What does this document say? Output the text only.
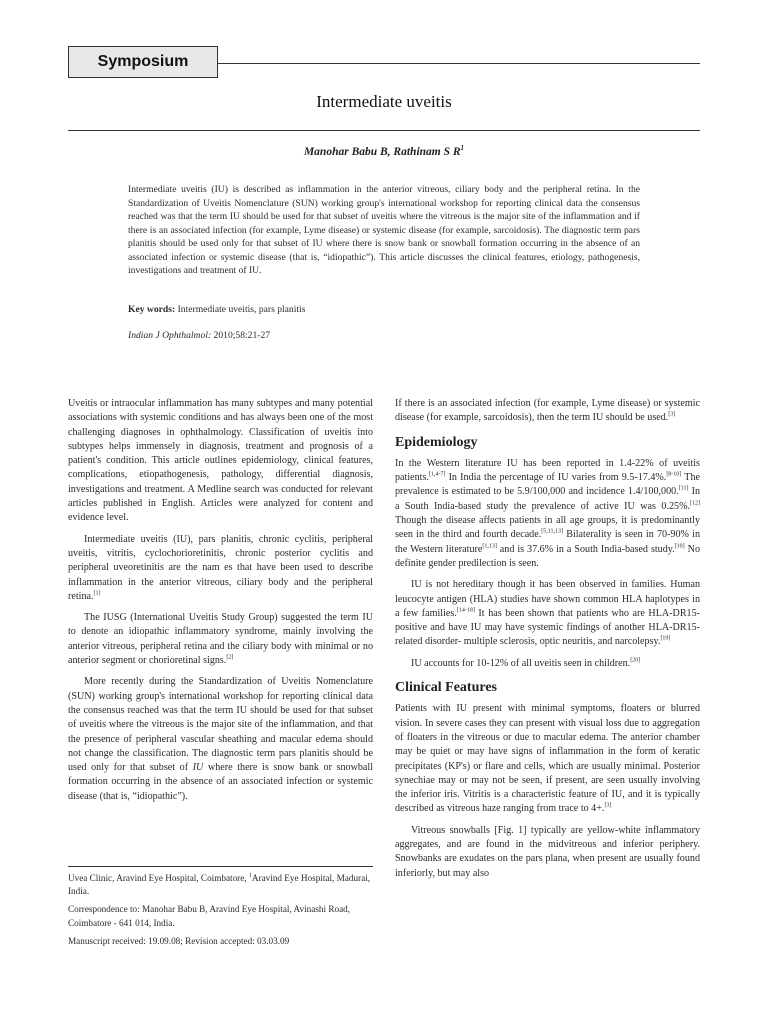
Symposium
Intermediate uveitis
Manohar Babu B, Rathinam S $R^1$
Intermediate uveitis (IU) is described as inflammation in the anterior vitreous, ciliary body and the peripheral retina. In the Standardization of Uveitis Nomenclature (SUN) working group's international workshop for reporting clinical data the consensus reached was that the term IU should be used for that subset of uveitis where the vitreous is the major site of the inflammation and if there is an associated infection (for example, Lyme disease) or systemic disease (for example, sarcoidosis). The diagnostic term pars planitis should be used only for that subset of IU where there is snow bank or snowball formation occurring in the absence of an associated infection or systemic disease (that is, “idiopathic”). This article discusses the clinical features, etiology, pathogenesis, investigations and treatment of IU.
Key words: Intermediate uveitis, pars planitis
Indian J Ophthalmol: 2010;58:21-27

Uveitis or intraocular inflammation has many subtypes and many potential associations with systemic conditions and has always been one of the most challenging diagnoses in ophthalmology. Classification of uveitis into subtypes helps immensely in diagnosis, treatment and prognosis of a patient's condition. This article outlines epidemiology, clinical features, complications, etiopathogenesis, pathology, differential diagnosis, investigations and treatment. A Medline search was conducted for relevant articles published in English. Articles were analyzed for content and evidence level.

Intermediate uveitis (IU), pars planitis, chronic cyclitis, peripheral uveitis, vitritis, cyclochorioretinitis, chronic posterior cyclitis and peripheral uveoretinitis are the nam es that have been used to describe inflammation in the anterior vitreous, ciliary body and the peripheral retina.[1]

The IUSG (International Uveitis Study Group) suggested the term IU to denote an idiopathic inflammatory syndrome, mainly involving the anterior vitreous, peripheral retina and the ciliary body with minimal or no anterior segment or chorioretinal signs.[2]

More recently during the Standardization of Uveitis Nomenclature (SUN) working group's international workshop for reporting clinical data the consensus reached was that the term IU should be used for that subset of uveitis where the vitreous is the major site of the inflammation, and that the presence of peripheral vascular sheathing and macular edema should not change the classification. The diagnostic term pars planitis should be used only for that subset of IU where there is snow bank or snowball formation occurring in the absence of an associated infection or systemic disease (that is, “idiopathic”).

Uvea Clinic, Aravind Eye Hospital, Coimbatore, $^1$Aravind Eye Hospital, Madurai, India.

Correspondence to: Manohar Babu B, Aravind Eye Hospital, Avinashi Road, Coimbatore - 641 014, India.

Manuscript received: 19.09.08; Revision accepted: 03.03.09

If there is an associated infection (for example, Lyme disease) or systemic disease (for example, sarcoidosis), then the term IU should be used.[3]

Epidemiology

In the Western literature IU has been reported in 1.4-22% of uveitis patients.[1,4-7] In India the percentage of IU varies from 9.5-17.4%.[8-10] The prevalence is estimated to be 5.9/100,000 and incidence 1.4/100,000.[11] In a South India-based study the prevalence of active IU was 0.25%.[12] Though the disease affects patients in all age groups, it is predominantly seen in the third and fourth decade.[5,11,13] Bilaterality is seen in 70-90% in the Western literature[1,13] and is 37.6% in a South India-based study.[10] No definite gender predilection is seen.

IU is not hereditary though it has been observed in families. Human leucocyte antigen (HLA) studies have shown common HLA haplotypes in a few families.[14-18] It has been shown that patients who are HLA-DR15-positive and have IU may have systemic findings of another HLA-DR15-related disorder- multiple sclerosis, optic neuritis, and narcolepsy.[19]

IU accounts for 10-12% of all uveitis seen in children.[20]

Clinical Features

Patients with IU present with minimal symptoms, floaters or blurred vision. In severe cases they can present with visual loss due to aggregation of floaters in the vitreous or due to macular edema. The anterior chamber may be quiet or may have signs of inflammation in the form of keratic precipitates (KP's) or flare and cells, which are usually minimal. Posterior synechiae may or may not be seen, if present, are seen usually involving the inferior iris. Vitritis is a characteristic feature of IU, and it is typically described as vitreous haze ranging from trace to 4+.[3]

Vitreous snowballs [Fig. 1] typically are yellow-white inflammatory aggregates, and are found in the midvitreous and inferior periphery. Snowbanks are exudates on the pars plana, when present are usually found inferiorly, but may also
